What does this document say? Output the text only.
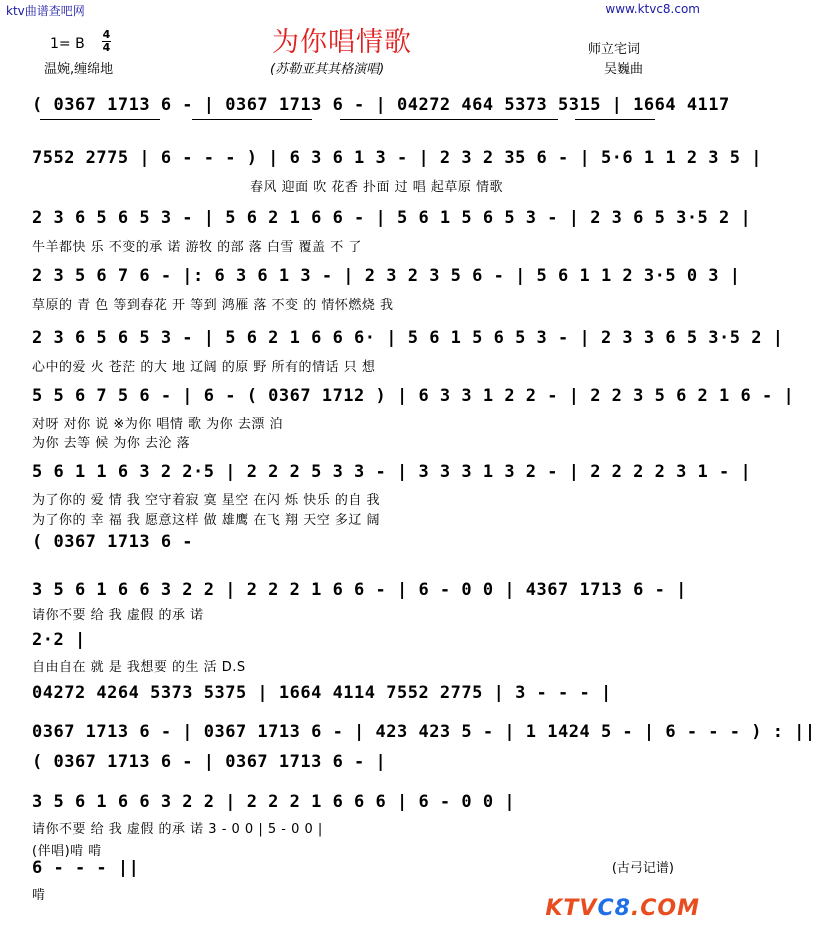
ktv曲谱查吧网	www.ktvc8.com
为你唱情歌
1= B
4
4
温婉,缠绵地	(苏勒亚其其格演唱)
师立宅词
吴巍曲
( 0367 1713 6 - | 0367 1713 6 - | 04272 464 5373 5315 | 1664 4117
7552 2775 | 6 - - - ) | 6 3 6 1 3 - | 2 3 2 35 6 - | 5·6 1 1 2 3 5 |
春风 迎面 吹 花香 扑面 过 唱 起草原 情歌
2 3 6 5 6 5 3 - | 5 6 2 1 6 6 - | 5 6 1 5 6 5 3 - | 2 3 6 5 3·5 2 |
牛羊都快 乐 不变的承 诺 游牧 的部 落 白雪 覆盖 不 了
2 3 5 6 7 6 - |: 6 3 6 1 3 - | 2 3 2 3 5 6 - | 5 6 1 1 2 3·5 0 3 |
草原的 青 色 等到春花 开 等到 鸿雁 落 不变 的 情怀燃烧 我
2 3 6 5 6 5 3 - | 5 6 2 1 6 6 6· | 5 6 1 5 6 5 3 - | 2 3 3 6 5 3·5 2 |
心中的爱 火 苍茫 的大 地 辽阔 的原 野 所有的情话 只 想
5 5 6 7 5 6 - | 6 - ( 0367 1712 ) | 6 3 3 1 2 2 - | 2 2 3 5 6 2 1 6 - |
对呀 对你 说 ※为你 唱情 歌 为你 去漂 泊
为你 去等 候 为你 去沦 落
5 6 1 1 6 3 2 2·5 | 2 2 2 5 3 3 - | 3 3 3 1 3 2 - | 2 2 2 2 3 1 - |
为了你的 爱 情 我 空守着寂 寞 星空 在闪 烁 快乐 的自 我
为了你的 幸 福 我 愿意这样 做 雄鹰 在飞 翔 天空 多辽 阔
( 0367 1713 6 -
3 5 6 1 6 6 3 2 2 | 2 2 2 1 6 6 - | 6 - 0 0 | 4367 1713 6 - |
请你不要 给 我 虚假 的承 诺
2·2 |
自由自在 就 是 我想要 的生 活 D.S
04272 4264 5373 5375 | 1664 4114 7552 2775 | 3 - - - |
0367 1713 6 - | 0367 1713 6 - | 423 423 5 - | 1 1424 5 - | 6 - - - ) : ||
( 0367 1713 6 - | 0367 1713 6 - |
3 5 6 1 6 6 3 2 2 | 2 2 2 1 6 6 6 | 6 - 0 0 |
请你不要 给 我 虚假 的承 诺 3 - 0 0 | 5 - 0 0 |
(伴唱)啃 啃
6 - - - ||
啃
(古弓记谱)
KTVC8.COM
